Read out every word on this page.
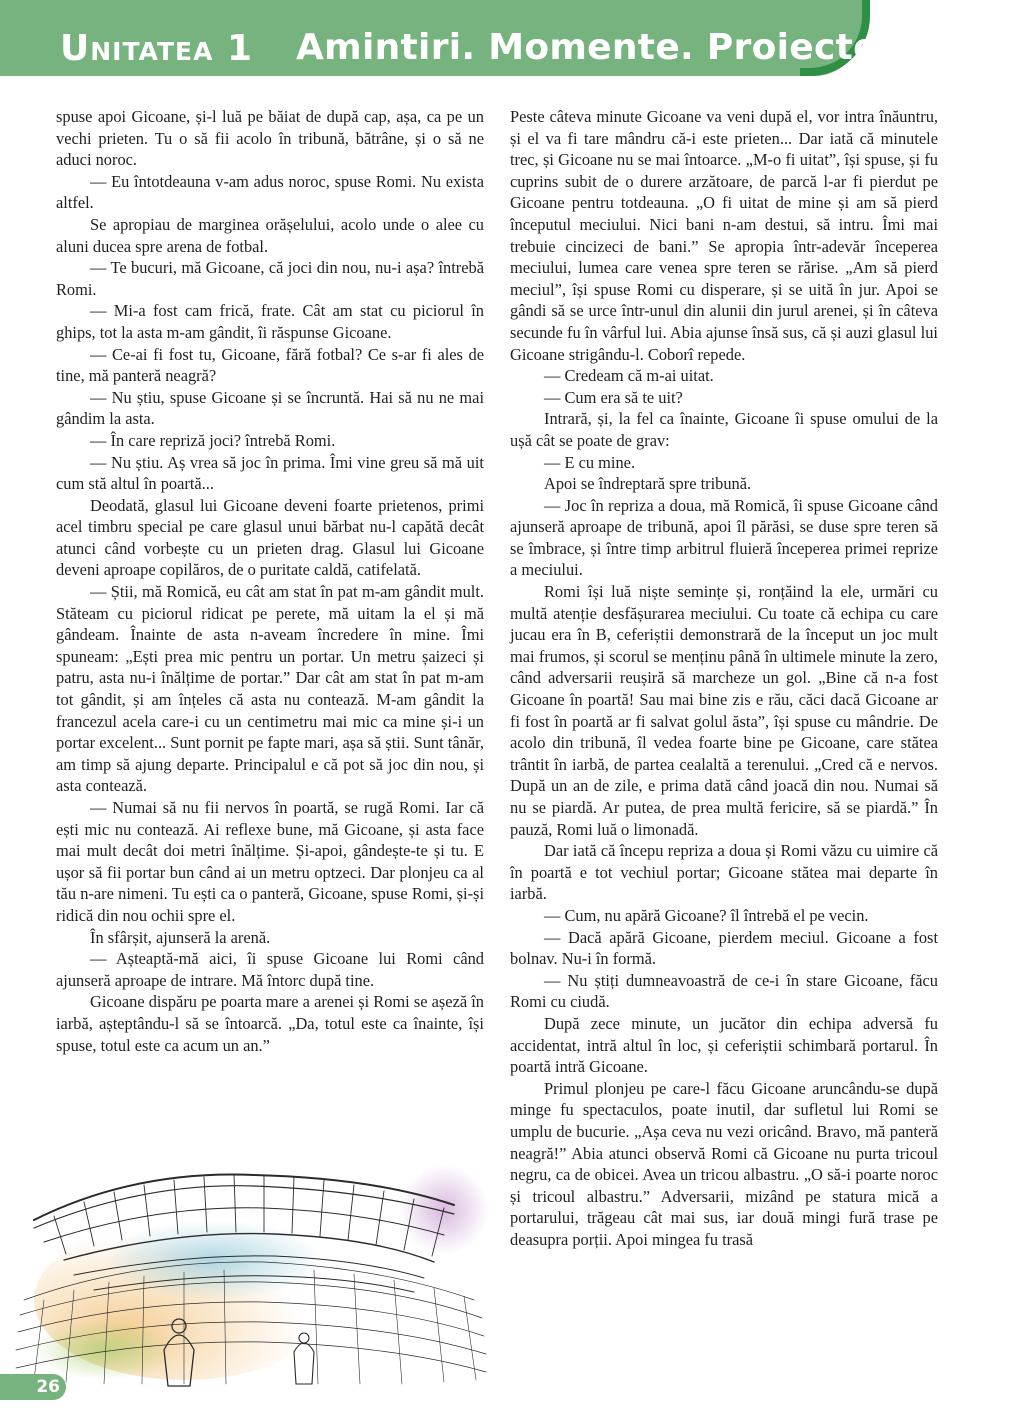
Unitatea 1 Amintiri. Momente. Proiecte

spuse apoi Gicoane, și-l luă pe băiat de după cap, așa, ca pe un vechi prieten. Tu o să fii acolo în tribună, bătrâne, și o să ne aduci noroc.

— Eu întotdeauna v-am adus noroc, spuse Romi. Nu exista altfel.

Se apropiau de marginea orășelului, acolo unde o alee cu aluni ducea spre arena de fotbal.

— Te bucuri, mă Gicoane, că joci din nou, nu-i așa? întrebă Romi.

— Mi-a fost cam frică, frate. Cât am stat cu piciorul în ghips, tot la asta m-am gândit, îi răspunse Gicoane.

— Ce-ai fi fost tu, Gicoane, fără fotbal? Ce s-ar fi ales de tine, mă panteră neagră?

— Nu știu, spuse Gicoane și se încruntă. Hai să nu ne mai gândim la asta.

— În care repriză joci? întrebă Romi.

— Nu știu. Aș vrea să joc în prima. Îmi vine greu să mă uit cum stă altul în poartă...

Deodată, glasul lui Gicoane deveni foarte prietenos, primi acel timbru special pe care glasul unui bărbat nu-l capătă decât atunci când vorbește cu un prieten drag. Glasul lui Gicoane deveni aproape copilăros, de o puritate caldă, catifelată.

— Știi, mă Romică, eu cât am stat în pat m-am gândit mult. Stăteam cu piciorul ridicat pe perete, mă uitam la el și mă gândeam. Înainte de asta n-aveam încredere în mine. Îmi spuneam: „Ești prea mic pentru un portar. Un metru șaizeci și patru, asta nu-i înălțime de portar.” Dar cât am stat în pat m-am tot gândit, și am înțeles că asta nu contează. M-am gândit la francezul acela care-i cu un centimetru mai mic ca mine și-i un portar excelent... Sunt pornit pe fapte mari, așa să știi. Sunt tânăr, am timp să ajung departe. Principalul e că pot să joc din nou, și asta contează.

— Numai să nu fii nervos în poartă, se rugă Romi. Iar că ești mic nu contează. Ai reflexe bune, mă Gicoane, și asta face mai mult decât doi metri înălțime. Și-apoi, gândește-te și tu. E ușor să fii portar bun când ai un metru optzeci. Dar plonjeu ca al tău n-are nimeni. Tu ești ca o panteră, Gicoane, spuse Romi, și-și ridică din nou ochii spre el.

În sfârșit, ajunseră la arenă.

— Așteaptă-mă aici, îi spuse Gicoane lui Romi când ajunseră aproape de intrare. Mă întorc după tine.

Gicoane dispăru pe poarta mare a arenei și Romi se așeză în iarbă, așteptându-l să se întoarcă. „Da, totul este ca înainte, își spuse, totul este ca acum un an.”

Peste câteva minute Gicoane va veni după el, vor intra înăuntru, și el va fi tare mândru că-i este prieten... Dar iată că minutele trec, și Gicoane nu se mai întoarce. „M-o fi uitat”, își spuse, și fu cuprins subit de o durere arzătoare, de parcă l-ar fi pierdut pe Gicoane pentru totdeauna. „O fi uitat de mine și am să pierd începutul meciului. Nici bani n-am destui, să intru. Îmi mai trebuie cincizeci de bani.” Se apropia într-adevăr începerea meciului, lumea care venea spre teren se rărise. „Am să pierd meciul”, își spuse Romi cu disperare, și se uită în jur. Apoi se gândi să se urce într-unul din alunii din jurul arenei, și în câteva secunde fu în vârful lui. Abia ajunse însă sus, că și auzi glasul lui Gicoane strigându-l. Coborî repede.

— Credeam că m-ai uitat.

— Cum era să te uit?

Intrară, și, la fel ca înainte, Gicoane îi spuse omului de la ușă cât se poate de grav:

— E cu mine.

Apoi se îndreptară spre tribună.

— Joc în repriza a doua, mă Romică, îi spuse Gicoane când ajunseră aproape de tribună, apoi îl părăsi, se duse spre teren să se îmbrace, și între timp arbitrul fluieră începerea primei reprize a meciului.

Romi își luă niște semințe și, ronțăind la ele, urmări cu multă atenție desfășurarea meciului. Cu toate că echipa cu care jucau era în B, ceferiștii demonstrară de la început un joc mult mai frumos, și scorul se menținu până în ultimele minute la zero, când adversarii reușiră să marcheze un gol. „Bine că n-a fost Gicoane în poartă! Sau mai bine zis e rău, căci dacă Gicoane ar fi fost în poartă ar fi salvat golul ăsta”, își spuse cu mândrie. De acolo din tribună, îl vedea foarte bine pe Gicoane, care stătea trântit în iarbă, de partea cealaltă a terenului. „Cred că e nervos. După un an de zile, e prima dată când joacă din nou. Numai să nu se piardă. Ar putea, de prea multă fericire, să se piardă.” În pauză, Romi luă o limonadă.

Dar iată că începu repriza a doua și Romi văzu cu uimire că în poartă e tot vechiul portar; Gicoane stătea mai departe în iarbă.

— Cum, nu apără Gicoane? îl întrebă el pe vecin.

— Dacă apără Gicoane, pierdem meciul. Gicoane a fost bolnav. Nu-i în formă.

— Nu știți dumneavoastră de ce-i în stare Gicoane, făcu Romi cu ciudă.

După zece minute, un jucător din echipa adversă fu accidentat, intră altul în loc, și ceferiștii schimbară portarul. În poartă intră Gicoane.

Primul plonjeu pe care-l făcu Gicoane aruncându-se după minge fu spectaculos, poate inutil, dar sufletul lui Romi se umplu de bucurie. „Așa ceva nu vezi oricând. Bravo, mă panteră neagră!” Abia atunci observă Romi că Gicoane nu purta tricoul negru, ca de obicei. Avea un tricou albastru. „O să-i poarte noroc și tricoul albastru.” Adversarii, mizând pe statura mică a portarului, trăgeau cât mai sus, iar două mingi fură trase pe deasupra porții. Apoi mingea fu trasă

26
